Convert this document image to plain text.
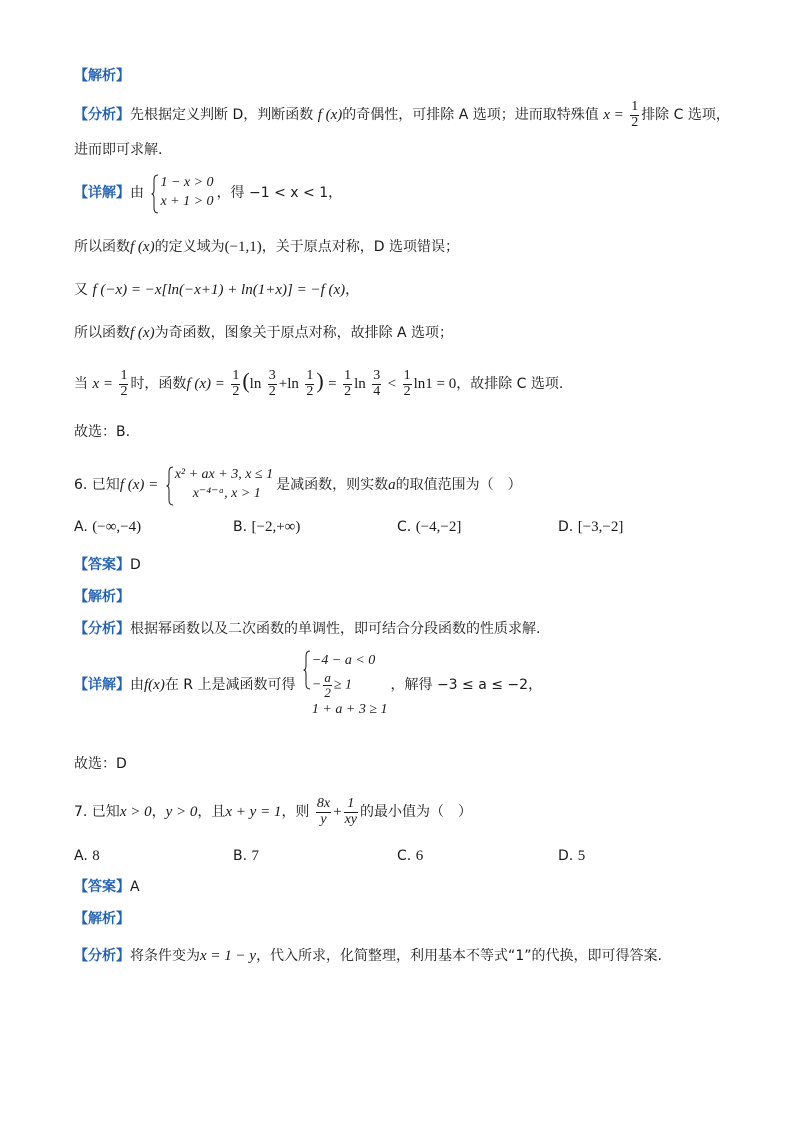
【解析】
【分析】先根据定义判断 D，判断函数 f (x)的奇偶性，可排除 A 选项；进而取特殊值 $x = \frac{1}{2}$ 排除 C 选项，
进而即可求解.
【详解】由
1 − x > 0
x + 1 > 0
，得 −1 < x < 1，
所以函数f (x)的定义域为(−1,1)，关于原点对称，D 选项错误；
又 f (−x) = −x[ln(−x+1) + ln(1+x)] = −f (x)，
所以函数f (x)为奇函数，图象关于原点对称，故排除 A 选项；
当 $x = \frac{1}{2}$ 时，函数f $(x) = \frac{1}{2} (\ln \frac{3}{2} +\ln \frac{1}{2}$ ) = $\frac{1}{2}$ $\ln \frac{3}{4} < \frac{1}{2} \ln 1 = 0$，故排除 C 选项.
故选：B.
6. 已知f (x) =
x² + ax + 3, x ≤ 1
x⁻⁴⁻ᵃ, x > 1
是减函数，则实数a的取值范围为（　）
A. (−∞,−4)	B. [−2,+∞)	C. (−4,−2]	D. [−3,−2]
【答案】D
【解析】
【分析】根据幂函数以及二次函数的单调性，即可结合分段函数的性质求解.
【详解】由f(x)在 R 上是减函数可得
−4 − a < 0
− $\frac{a}{2} \ge 1$
1 + a + 3 ≥ 1
，解得 −3 ≤ a ≤ −2，
故选：D
7. 已知x > 0，y > 0，且x + y = 1，则 $\frac{8x}{y} + \frac{1}{xy}$ 的最小值为（　）
A. 8	B. 7	C. 6	D. 5
【答案】A
【解析】
【分析】将条件变为x = 1 − y，代入所求，化简整理，利用基本不等式“1”的代换，即可得答案.
